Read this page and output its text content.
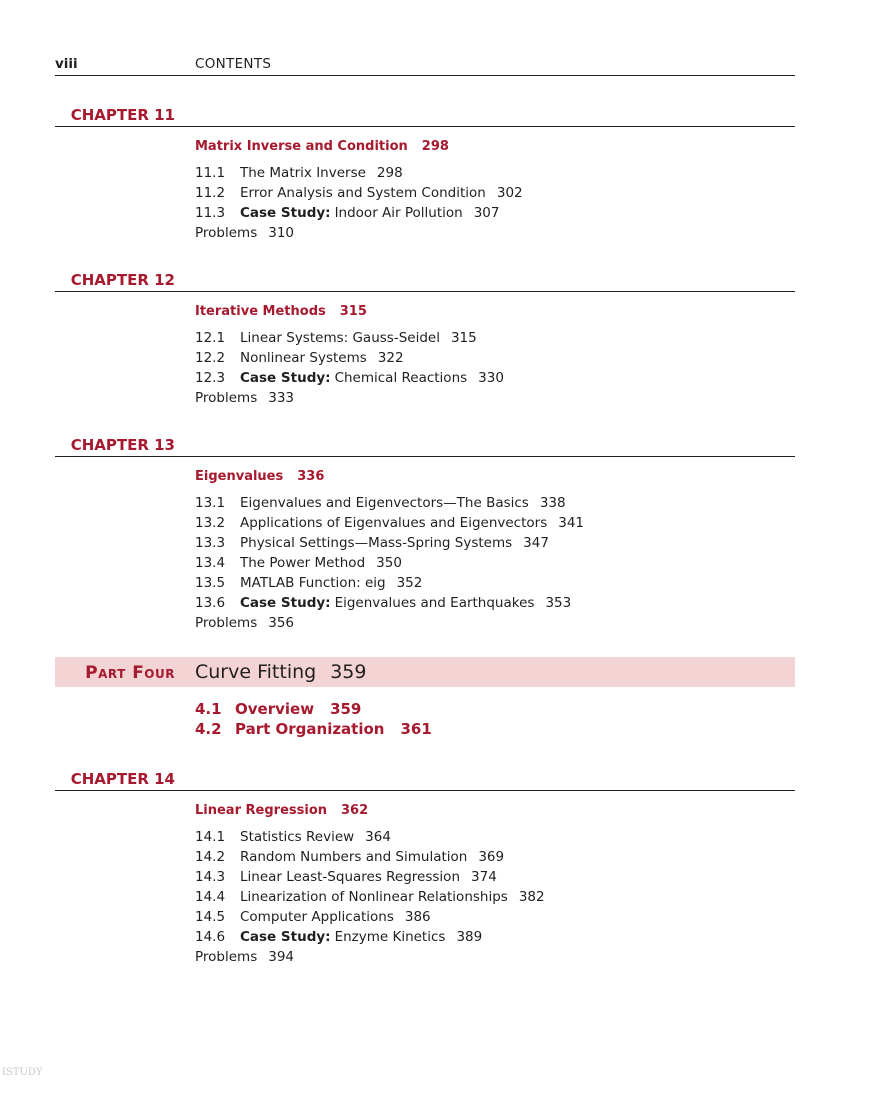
viii	CONTENTS
CHAPTER 11
Matrix Inverse and Condition 298
11.1 The Matrix Inverse 298
11.2 Error Analysis and System Condition 302
11.3 Case Study: Indoor Air Pollution 307
Problems 310
CHAPTER 12
Iterative Methods 315
12.1 Linear Systems: Gauss-Seidel 315
12.2 Nonlinear Systems 322
12.3 Case Study: Chemical Reactions 330
Problems 333
CHAPTER 13
Eigenvalues 336
13.1 Eigenvalues and Eigenvectors—The Basics 338
13.2 Applications of Eigenvalues and Eigenvectors 341
13.3 Physical Settings—Mass-Spring Systems 347
13.4 The Power Method 350
13.5 MATLAB Function: eig 352
13.6 Case Study: Eigenvalues and Earthquakes 353
Problems 356
Part Four Curve Fitting 359
4.1 Overview 359
4.2 Part Organization 361
CHAPTER 14
Linear Regression 362
14.1 Statistics Review 364
14.2 Random Numbers and Simulation 369
14.3 Linear Least-Squares Regression 374
14.4 Linearization of Nonlinear Relationships 382
14.5 Computer Applications 386
14.6 Case Study: Enzyme Kinetics 389
Problems 394
ISTUDY
